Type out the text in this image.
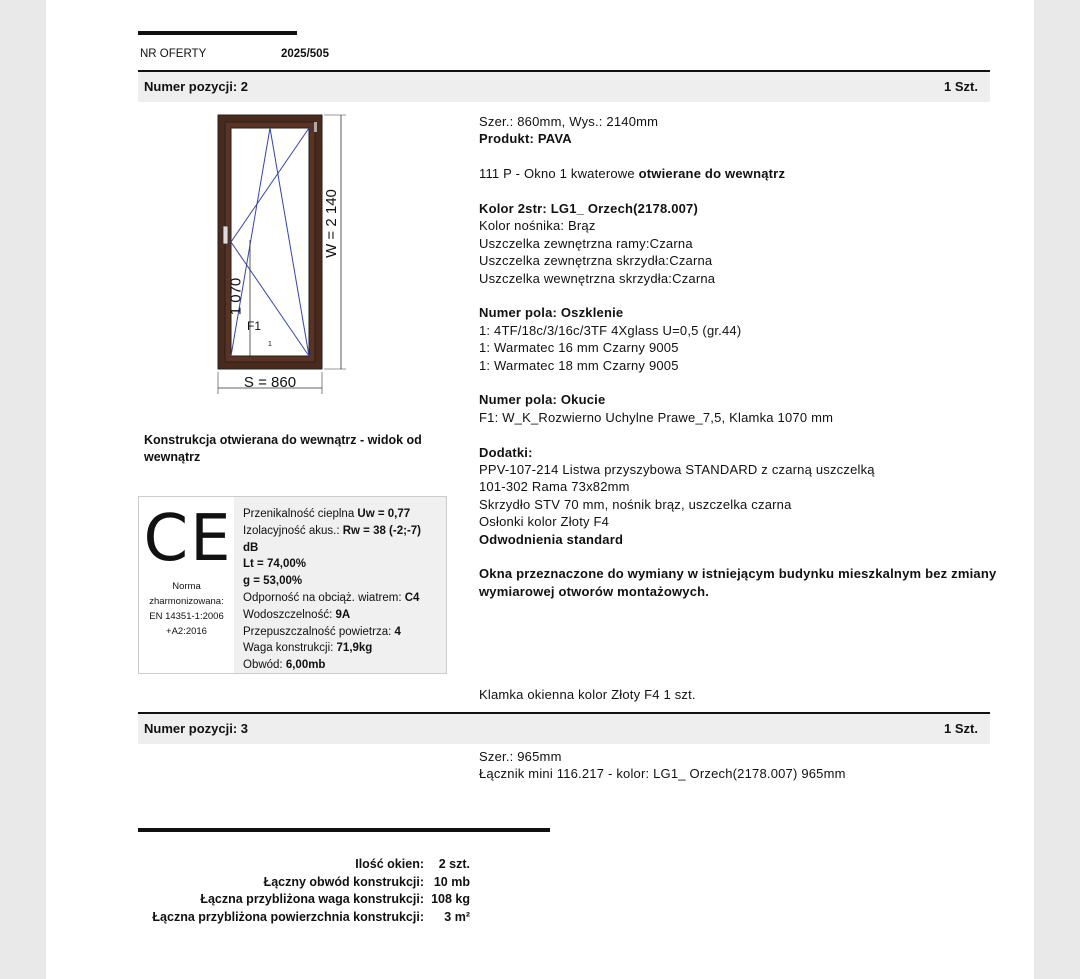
NR OFERTY	2025/505
Numer pozycji: 2	1 Szt.
W = 2 140
1 070
F1
1
S = 860
Konstrukcja otwierana do wewnątrz - widok od wewnątrz
CE
Norma
zharmonizowana:
EN 14351-1:2006
+A2:2016
Przenikalność cieplna Uw = 0,77
Izolacyjność akus.: Rw = 38 (-2;-7)
dB
Lt = 74,00%
g = 53,00%
Odporność na obciąż. wiatrem: C4
Wodoszczelność: 9A
Przepuszczalność powietrza: 4
Waga konstrukcji: 71,9kg
Obwód: 6,00mb
Szer.: 860mm, Wys.: 2140mm
Produkt: PAVA
111 P - Okno 1 kwaterowe otwierane do wewnątrz
Kolor 2str: LG1_ Orzech(2178.007)
Kolor nośnika: Brąz
Uszczelka zewnętrzna ramy:Czarna
Uszczelka zewnętrzna skrzydła:Czarna
Uszczelka wewnętrzna skrzydła:Czarna
Numer pola: Oszklenie
1: 4TF/18c/3/16c/3TF 4Xglass U=0,5 (gr.44)
1: Warmatec 16 mm Czarny 9005
1: Warmatec 18 mm Czarny 9005
Numer pola: Okucie
F1: W_K_Rozwierno Uchylne Prawe_7,5, Klamka 1070 mm
Dodatki:
PPV-107-214 Listwa przyszybowa STANDARD z czarną uszczelką
101-302 Rama 73x82mm
Skrzydło STV 70 mm, nośnik brąz, uszczelka czarna
Osłonki kolor Złoty F4
Odwodnienia standard
Okna przeznaczone do wymiany w istniejącym budynku mieszkalnym bez zmiany
wymiarowej otworów montażowych.
Klamka okienna kolor Złoty F4 1 szt.
Numer pozycji: 3	1 Szt.
Szer.: 965mm
Łącznik mini 116.217 - kolor: LG1_ Orzech(2178.007) 965mm
Ilość okien:	2 szt.
Łączny obwód konstrukcji: 10 mb
Łączna przybliżona waga konstrukcji: 108 kg
Łączna przybliżona powierzchnia konstrukcji:	3 m²
